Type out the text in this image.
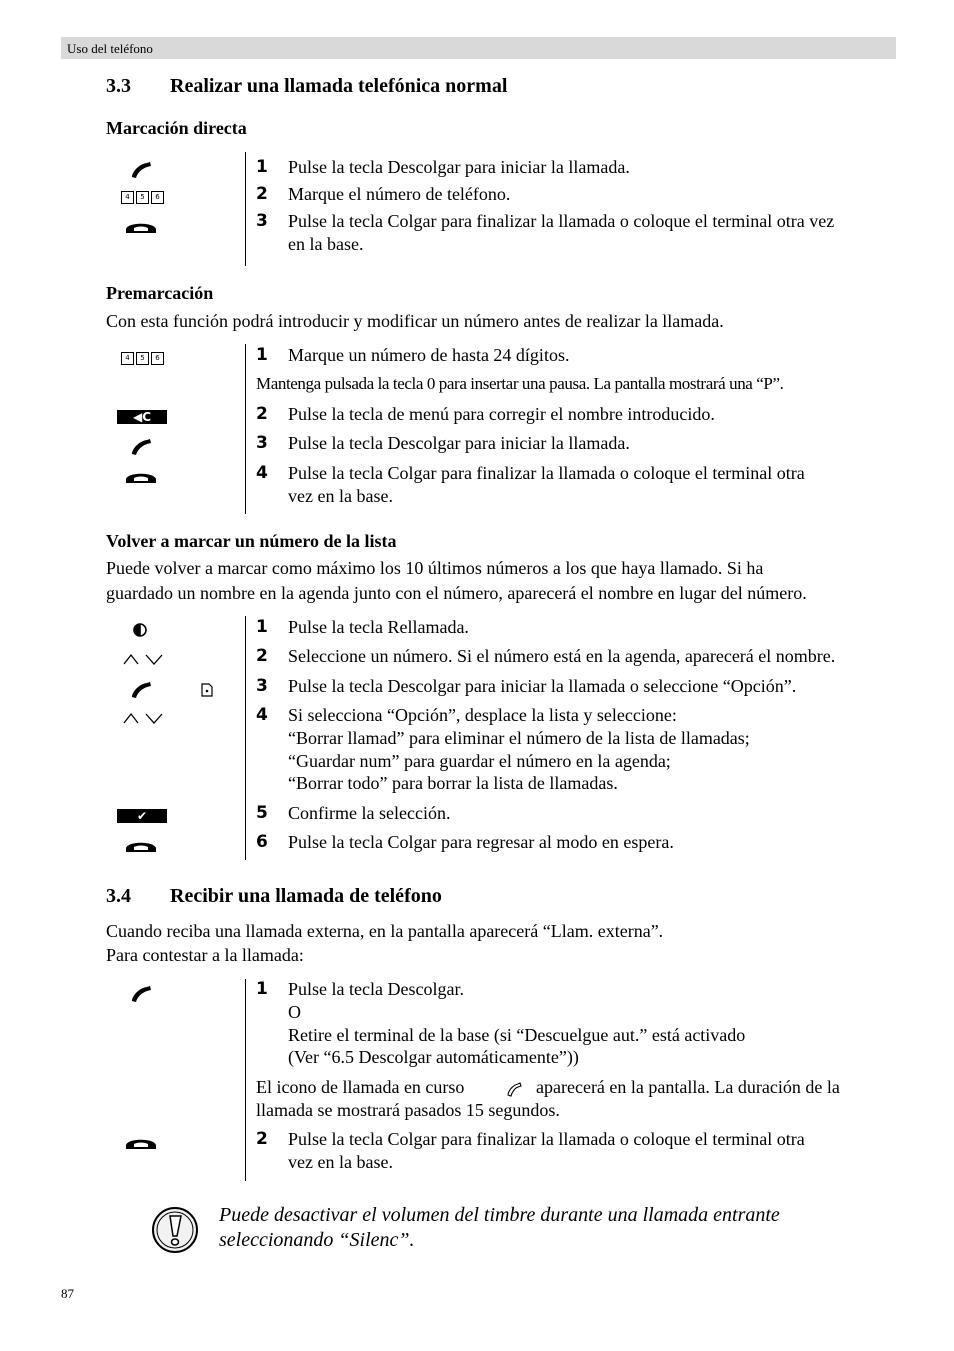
Uso del teléfono
3.3 Realizar una llamada telefónica normal
Marcación directa
4	5	6
1 Pulse la tecla Descolgar para iniciar la llamada.
2 Marque el número de teléfono.
3 Pulse la tecla Colgar para finalizar la llamada o coloque el terminal otra vez
en la base.
Premarcación
Con esta función podrá introducir y modificar un número antes de realizar la llamada.
4	5	6
◀C
1 Marque un número de hasta 24 dígitos.
Mantenga pulsada la tecla 0 para insertar una pausa. La pantalla mostrará una “P”.
2 Pulse la tecla de menú para corregir el nombre introducido.
3 Pulse la tecla Descolgar para iniciar la llamada.
4 Pulse la tecla Colgar para finalizar la llamada o coloque el terminal otra
vez en la base.
Volver a marcar un número de la lista
Puede volver a marcar como máximo los 10 últimos números a los que haya llamado. Si ha
guardado un nombre en la agenda junto con el número, aparecerá el nombre en lugar del número.
✔
1 Pulse la tecla Rellamada.
2 Seleccione un número. Si el número está en la agenda, aparecerá el nombre.
3 Pulse la tecla Descolgar para iniciar la llamada o seleccione “Opción”.
4 Si selecciona “Opción”, desplace la lista y seleccione:
“Borrar llamad” para eliminar el número de la lista de llamadas;
“Guardar num” para guardar el número en la agenda;
“Borrar todo” para borrar la lista de llamadas.
5 Confirme la selección.
6 Pulse la tecla Colgar para regresar al modo en espera.
3.4 Recibir una llamada de teléfono
Cuando reciba una llamada externa, en la pantalla aparecerá “Llam. externa”.
Para contestar a la llamada:
1 Pulse la tecla Descolgar.
O
Retire el terminal de la base (si “Descuelgue aut.” está activado
(Ver “6.5 Descolgar automáticamente”))
El icono de llamada en curso	aparecerá en la pantalla. La duración de la
llamada se mostrará pasados 15 segundos.
2 Pulse la tecla Colgar para finalizar la llamada o coloque el terminal otra
vez en la base.
Puede desactivar el volumen del timbre durante una llamada entrante
seleccionando “Silenc”.
87
